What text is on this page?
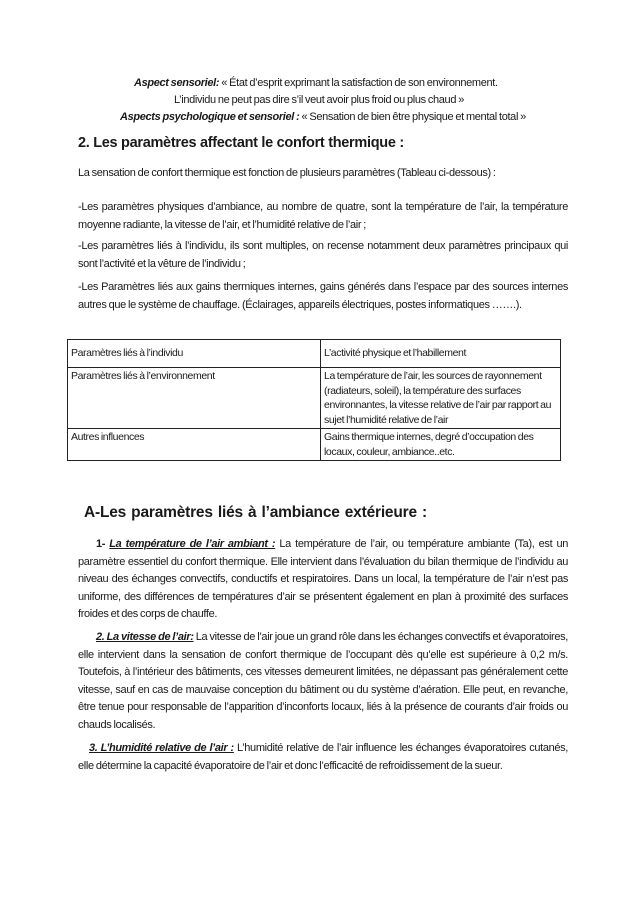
Aspect sensoriel: « État d’esprit exprimant la satisfaction de son environnement.
L’individu ne peut pas dire s’il veut avoir plus froid ou plus chaud »
Aspects psychologique et sensoriel : « Sensation de bien être physique et mental total »
2. Les paramètres affectant le confort thermique :
La sensation de confort thermique est fonction de plusieurs paramètres (Tableau ci-dessous) :
-Les paramètres physiques d’ambiance, au nombre de quatre, sont la température de l’air, la température moyenne radiante, la vitesse de l’air, et l’humidité relative de l’air ;
-Les paramètres liés à l’individu, ils sont multiples, on recense notamment deux paramètres principaux qui sont l’activité et la vêture de l’individu ;
-Les Paramètres liés aux gains thermiques internes, gains générés dans l’espace par des sources internes autres que le système de chauffage. (Éclairages, appareils électriques, postes informatiques …….).
Paramètres liés à l’individu	L’activité physique et l’habillement
Paramètres liés à l’environnement	La température de l’air, les sources de rayonnement (radiateurs, soleil), la température des surfaces environnantes, la vitesse relative de l’air par rapport au sujet l’humidité relative de l’air
Autres influences	Gains thermique internes, degré d’occupation des locaux, couleur, ambiance..etc.
A-Les paramètres liés à l’ambiance extérieure :
1- La température de l’air ambiant : La température de l’air, ou température ambiante (Ta), est un paramètre essentiel du confort thermique. Elle intervient dans l’évaluation du bilan thermique de l’individu au niveau des échanges convectifs, conductifs et respiratoires. Dans un local, la température de l’air n’est pas uniforme, des différences de températures d’air se présentent également en plan à proximité des surfaces froides et des corps de chauffe.
2. La vitesse de l’air: La vitesse de l’air joue un grand rôle dans les échanges convectifs et évaporatoires, elle intervient dans la sensation de confort thermique de l’occupant dès qu’elle est supérieure à 0,2 m/s. Toutefois, à l’intérieur des bâtiments, ces vitesses demeurent limitées, ne dépassant pas généralement cette vitesse, sauf en cas de mauvaise conception du bâtiment ou du système d’aération. Elle peut, en revanche, être tenue pour responsable de l’apparition d’inconforts locaux, liés à la présence de courants d’air froids ou chauds localisés.
3. L’humidité relative de l’air : L’humidité relative de l’air influence les échanges évaporatoires cutanés, elle détermine la capacité évaporatoire de l’air et donc l’efficacité de refroidissement de la sueur.
